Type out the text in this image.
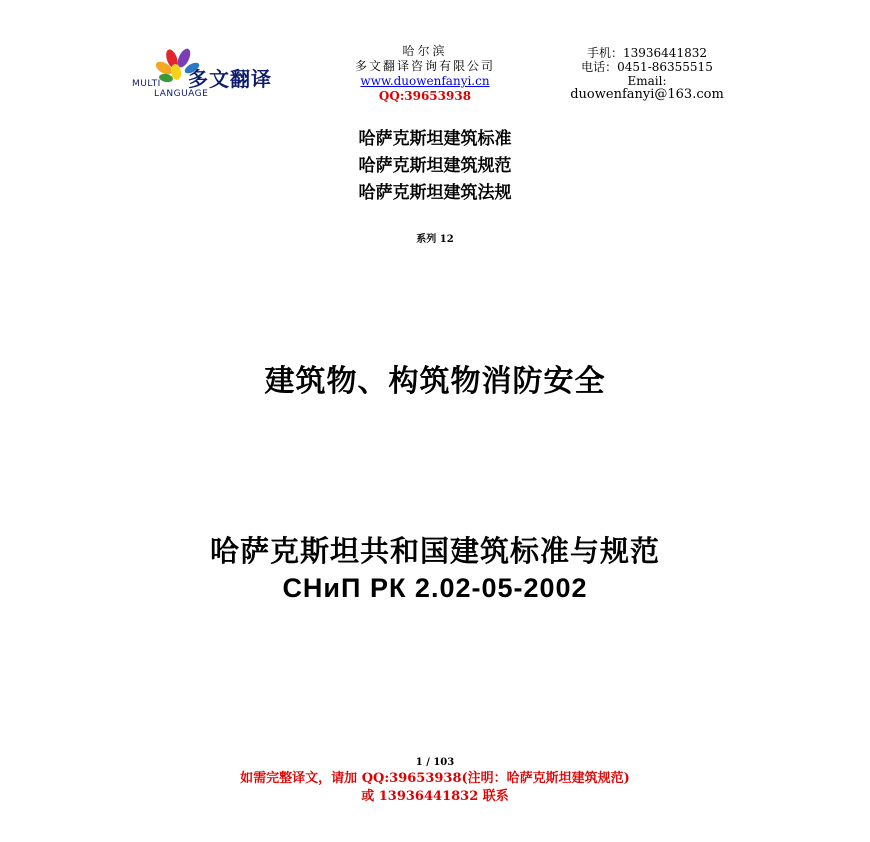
多文翻译
MULTI
LANGUAGE
哈尔滨
多文翻译咨询有限公司
www.duowenfanyi.cn
QQ:39653938
手机：13936441832
电话：0451-86355515
Email:
duowenfanyi@163.com
哈萨克斯坦建筑标准
哈萨克斯坦建筑规范
哈萨克斯坦建筑法规
系列 12
建筑物、构筑物消防安全
哈萨克斯坦共和国建筑标准与规范
СНиП РК 2.02-05-2002
1 / 103
如需完整译文，请加 QQ:39653938(注明：哈萨克斯坦建筑规范)
或 13936441832 联系
